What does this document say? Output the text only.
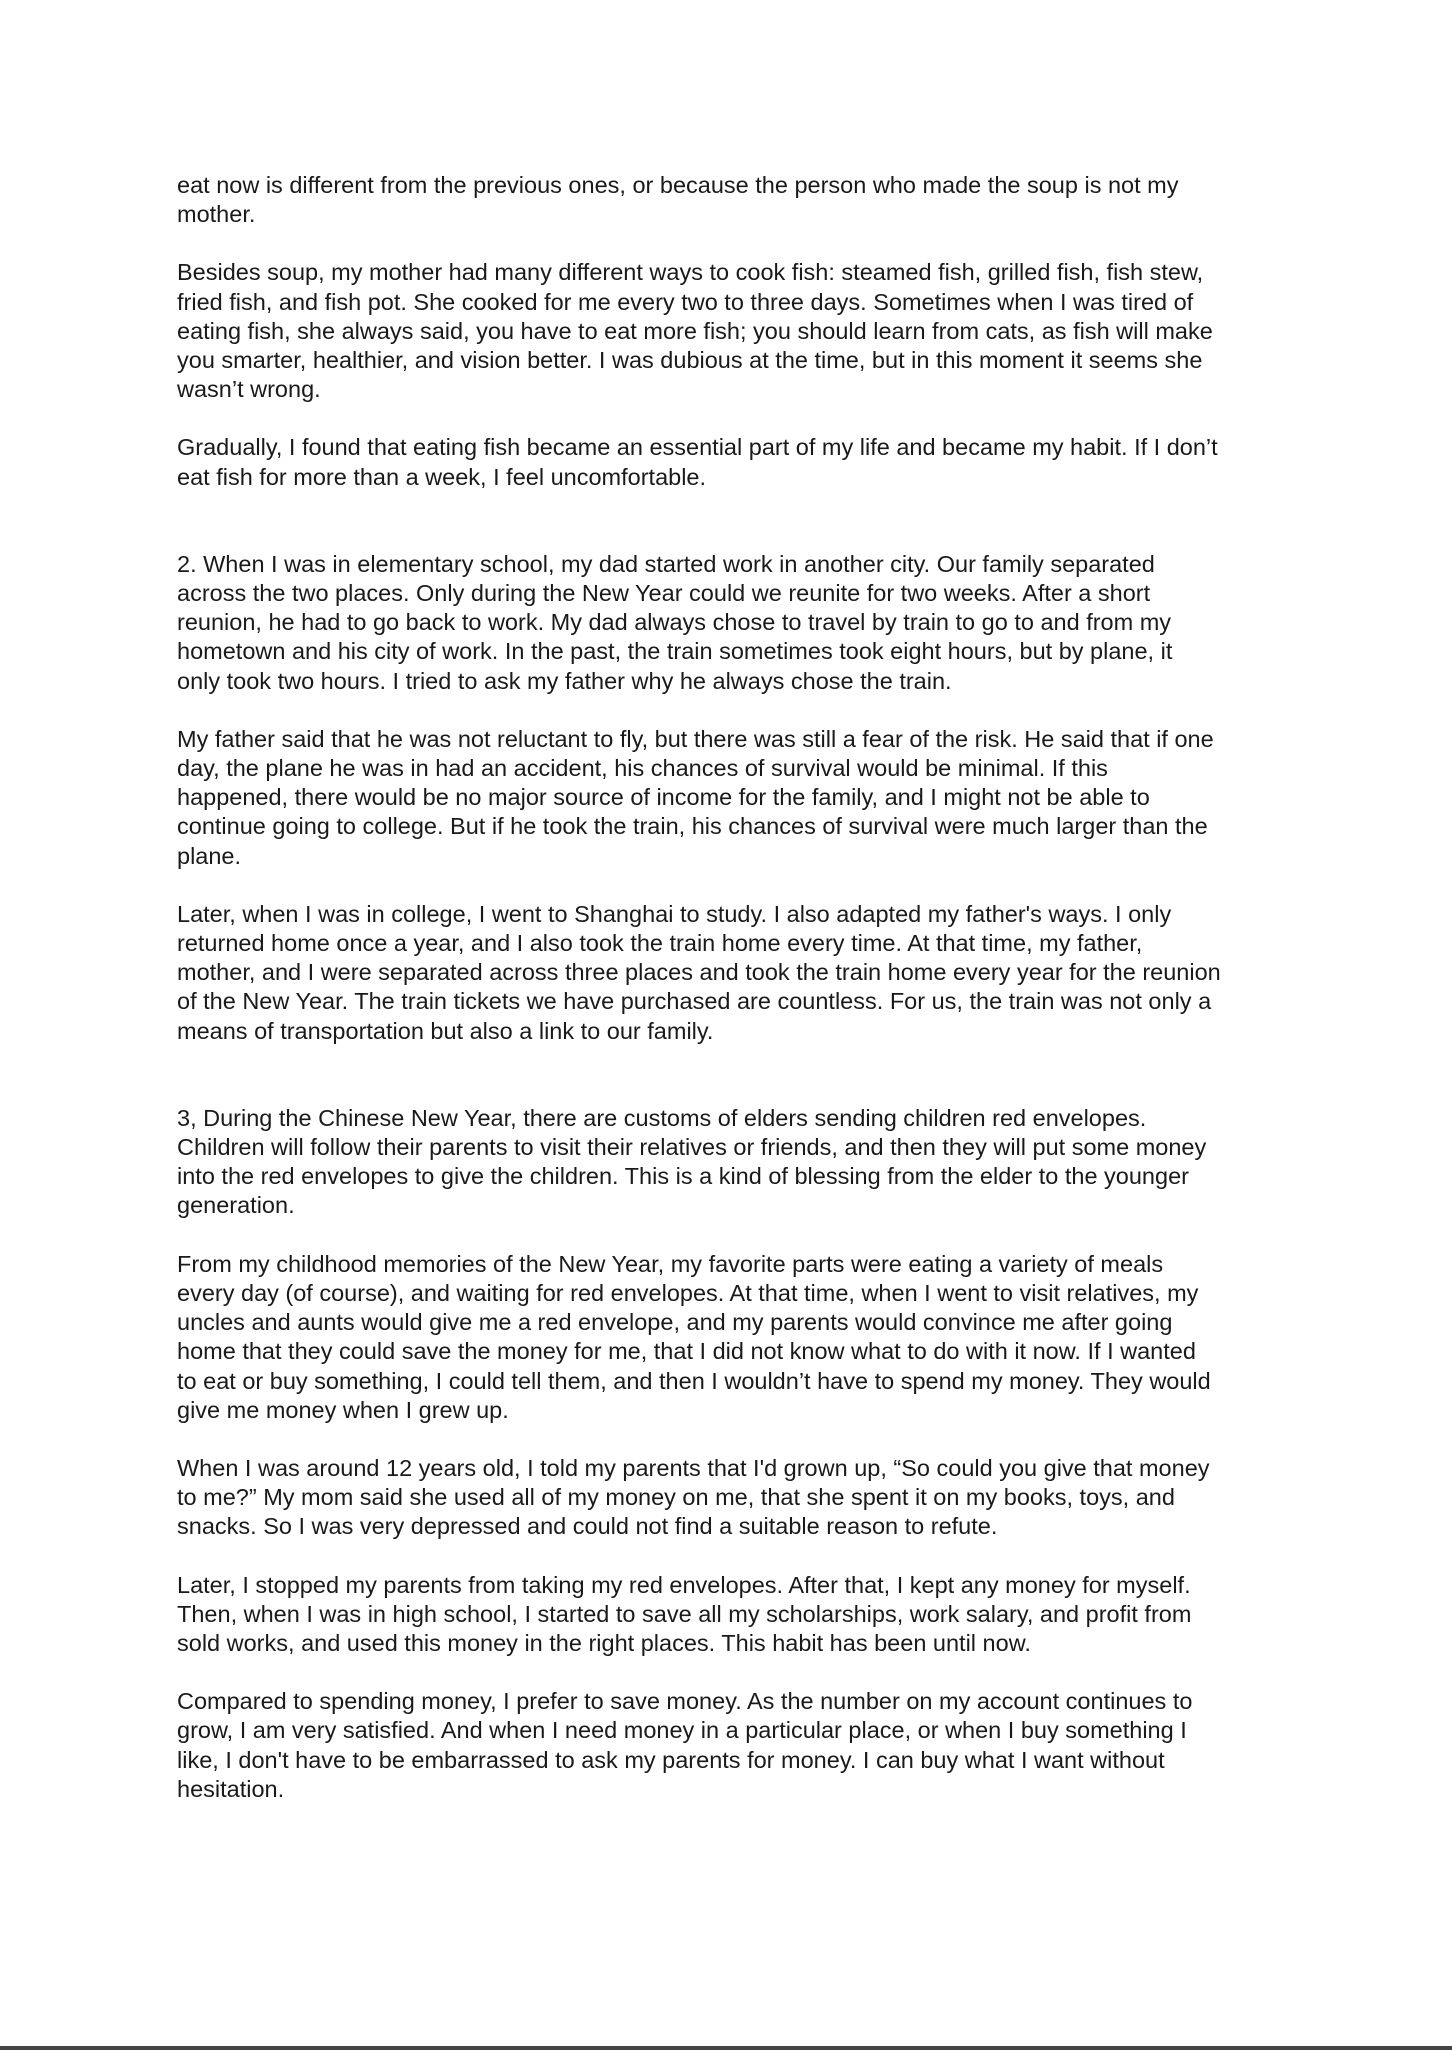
eat now is different from the previous ones, or because the person who made the soup is not my
mother.

Besides soup, my mother had many different ways to cook fish: steamed fish, grilled fish, fish stew,
fried fish, and fish pot. She cooked for me every two to three days. Sometimes when I was tired of
eating fish, she always said, you have to eat more fish; you should learn from cats, as fish will make
you smarter, healthier, and vision better. I was dubious at the time, but in this moment it seems she
wasn’t wrong.

Gradually, I found that eating fish became an essential part of my life and became my habit. If I don’t
eat fish for more than a week, I feel uncomfortable.

2. When I was in elementary school, my dad started work in another city. Our family separated
across the two places. Only during the New Year could we reunite for two weeks. After a short
reunion, he had to go back to work. My dad always chose to travel by train to go to and from my
hometown and his city of work. In the past, the train sometimes took eight hours, but by plane, it
only took two hours. I tried to ask my father why he always chose the train.

My father said that he was not reluctant to fly, but there was still a fear of the risk. He said that if one
day, the plane he was in had an accident, his chances of survival would be minimal. If this
happened, there would be no major source of income for the family, and I might not be able to
continue going to college. But if he took the train, his chances of survival were much larger than the
plane.

Later, when I was in college, I went to Shanghai to study. I also adapted my father's ways. I only
returned home once a year, and I also took the train home every time. At that time, my father,
mother, and I were separated across three places and took the train home every year for the reunion
of the New Year. The train tickets we have purchased are countless. For us, the train was not only a
means of transportation but also a link to our family.

3, During the Chinese New Year, there are customs of elders sending children red envelopes.
Children will follow their parents to visit their relatives or friends, and then they will put some money
into the red envelopes to give the children. This is a kind of blessing from the elder to the younger
generation.

From my childhood memories of the New Year, my favorite parts were eating a variety of meals
every day (of course), and waiting for red envelopes. At that time, when I went to visit relatives, my
uncles and aunts would give me a red envelope, and my parents would convince me after going
home that they could save the money for me, that I did not know what to do with it now. If I wanted
to eat or buy something, I could tell them, and then I wouldn’t have to spend my money. They would
give me money when I grew up.

When I was around 12 years old, I told my parents that I'd grown up, “So could you give that money
to me?” My mom said she used all of my money on me, that she spent it on my books, toys, and
snacks. So I was very depressed and could not find a suitable reason to refute.

Later, I stopped my parents from taking my red envelopes. After that, I kept any money for myself.
Then, when I was in high school, I started to save all my scholarships, work salary, and profit from
sold works, and used this money in the right places. This habit has been until now.

Compared to spending money, I prefer to save money. As the number on my account continues to
grow, I am very satisfied. And when I need money in a particular place, or when I buy something I
like, I don't have to be embarrassed to ask my parents for money. I can buy what I want without
hesitation.
